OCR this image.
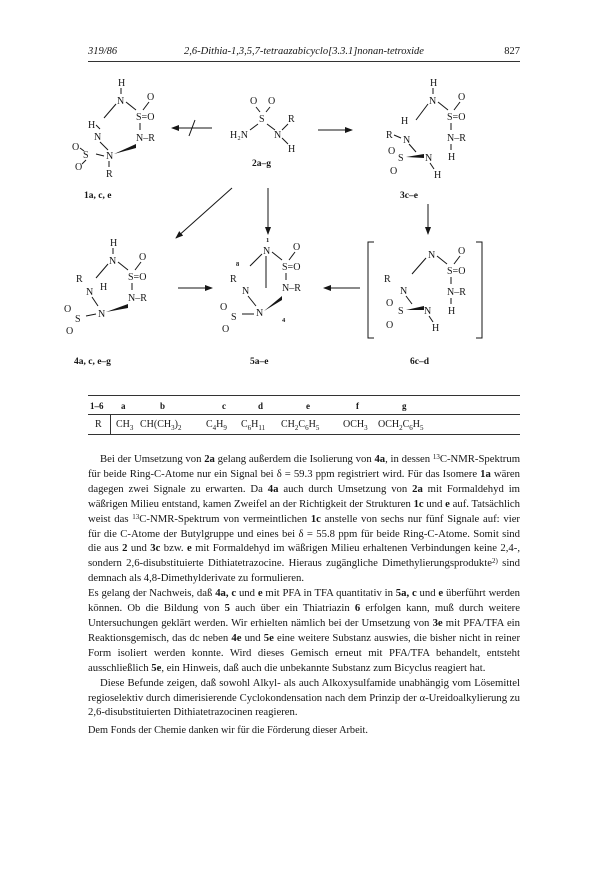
319/86	2,6-Dithia-1,3,5,7-tetraazabicyclo[3.3.1]nonan-tetroxide	827
H
N
S=O
O
N–R
H
N
N
S
O
O
R
1a, c, e
O O
S
H₂N	N
R
H
2a–g
H
N
S=O
O
N–R
H
H
R N
S
O
O
N
H
3c–e
H
N
S=O
O
N–R
R
N H
N
S
O
O
4a, c, e–g
1
N
S=O
O
N–R
8
R
N
N
S
O
O
4
5a–e
N
S=O
O
N–R
H
R
N
S
O
O
N
H
6c–d
1–6 a	b	c	d	e	f	g
R $CH_3$ $CH(CH_3)_2$ $C_4H_9$ $C_6H_{11}$ $CH_2C_6H_5$ $OCH_3$ $OCH_2C_6H_5$

Bei der Umsetzung von 2a gelang außerdem die Isolierung von 4a, in dessen $^{13}$C-NMR-Spektrum für beide Ring-C-Atome nur ein Signal bei δ = 59.3 ppm registriert wird. Für das Isomere 1a wären dagegen zwei Signale zu erwarten. Da 4a auch durch Umsetzung von 2a mit Formaldehyd im wäßrigen Milieu entstand, kamen Zweifel an der Richtigkeit der Strukturen 1c und e auf. Tatsächlich weist das $^{13}$C-NMR-Spektrum von vermeintlichen 1c anstelle von sechs nur fünf Signale auf: vier für die C-Atome der Butylgruppe und eines bei δ = 55.8 ppm für beide Ring-C-Atome. Somit sind die aus 2 und 3c bzw. e mit Formaldehyd im wäßrigen Milieu erhaltenen Verbindungen keine 2,4-, sondern 2,6-disubstituierte Dithiatetrazocine. Hieraus zugängliche Dimethylierungsprodukte$^{2)}$ sind demnach als 4,8-Dimethylderivate zu formulieren.

Es gelang der Nachweis, daß 4a, c und e mit PFA in TFA quantitativ in 5a, c und e überführt werden können. Ob die Bildung von 5 auch über ein Thiatriazin 6 erfolgen kann, muß durch weitere Untersuchungen geklärt werden. Wir erhielten nämlich bei der Umsetzung von 3e mit PFA/TFA ein Reaktionsgemisch, das dc neben 4e und 5e eine weitere Substanz auswies, die bisher nicht in reiner Form isoliert werden konnte. Wird dieses Gemisch erneut mit PFA/TFA behandelt, entsteht ausschließlich 5e, ein Hinweis, daß auch die unbekannte Substanz zum Bicyclus reagiert hat.

Diese Befunde zeigen, daß sowohl Alkyl- als auch Alkoxysulfamide unabhängig vom Lösemittel regioselektiv durch dimerisierende Cyclokondensation nach dem Prinzip der α-Ureidoalkylierung zu 2,6-disubstituierten Dithiatetrazocinen reagieren.

Dem Fonds der Chemie danken wir für die Förderung dieser Arbeit.
